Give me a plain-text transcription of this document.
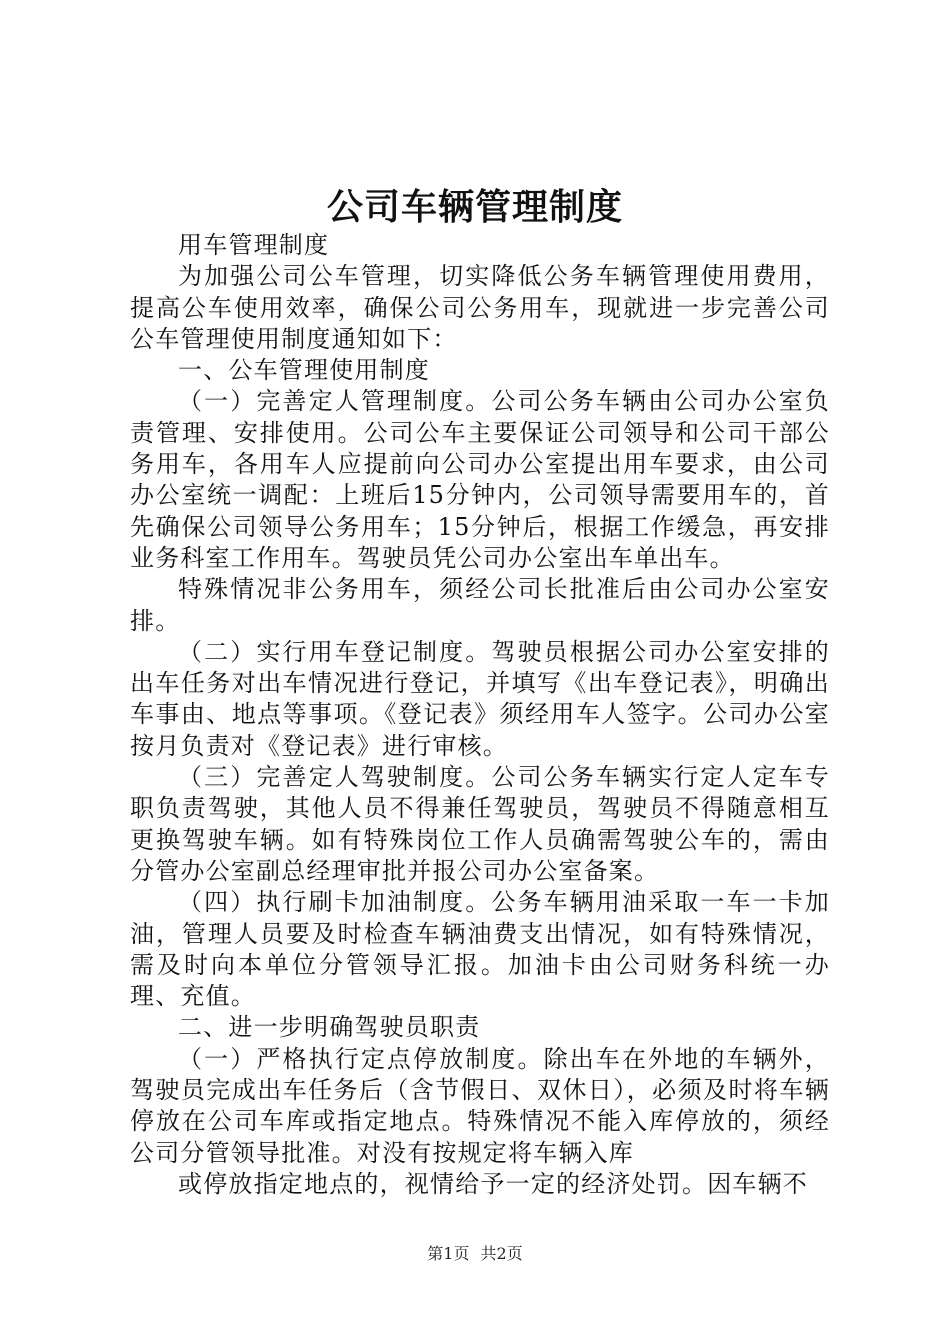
公司车辆管理制度

用车管理制度

为加强公司公车管理，切实降低公务车辆管理使用费用，提高公车使用效率，确保公司公务用车，现就进一步完善公司公车管理使用制度通知如下：

一、公车管理使用制度

（一）完善定人管理制度。公司公务车辆由公司办公室负责管理、安排使用。公司公车主要保证公司领导和公司干部公务用车，各用车人应提前向公司办公室提出用车要求，由公司办公室统一调配：上班后15分钟内，公司领导需要用车的，首先确保公司领导公务用车；15分钟后，根据工作缓急，再安排业务科室工作用车。驾驶员凭公司办公室出车单出车。

特殊情况非公务用车，须经公司长批准后由公司办公室安排。

（二）实行用车登记制度。驾驶员根据公司办公室安排的出车任务对出车情况进行登记，并填写《出车登记表》，明确出车事由、地点等事项。《登记表》须经用车人签字。公司办公室按月负责对《登记表》进行审核。

（三）完善定人驾驶制度。公司公务车辆实行定人定车专职负责驾驶，其他人员不得兼任驾驶员，驾驶员不得随意相互更换驾驶车辆。如有特殊岗位工作人员确需驾驶公车的，需由分管办公室副总经理审批并报公司办公室备案。

（四）执行刷卡加油制度。公务车辆用油采取一车一卡加油，管理人员要及时检查车辆油费支出情况，如有特殊情况，需及时向本单位分管领导汇报。加油卡由公司财务科统一办理、充值。

二、进一步明确驾驶员职责

（一）严格执行定点停放制度。除出车在外地的车辆外，驾驶员完成出车任务后（含节假日、双休日），必须及时将车辆停放在公司车库或指定地点。特殊情况不能入库停放的，须经公司分管领导批准。对没有按规定将车辆入库

或停放指定地点的，视情给予一定的经济处罚。因车辆不

第1页 共2页
